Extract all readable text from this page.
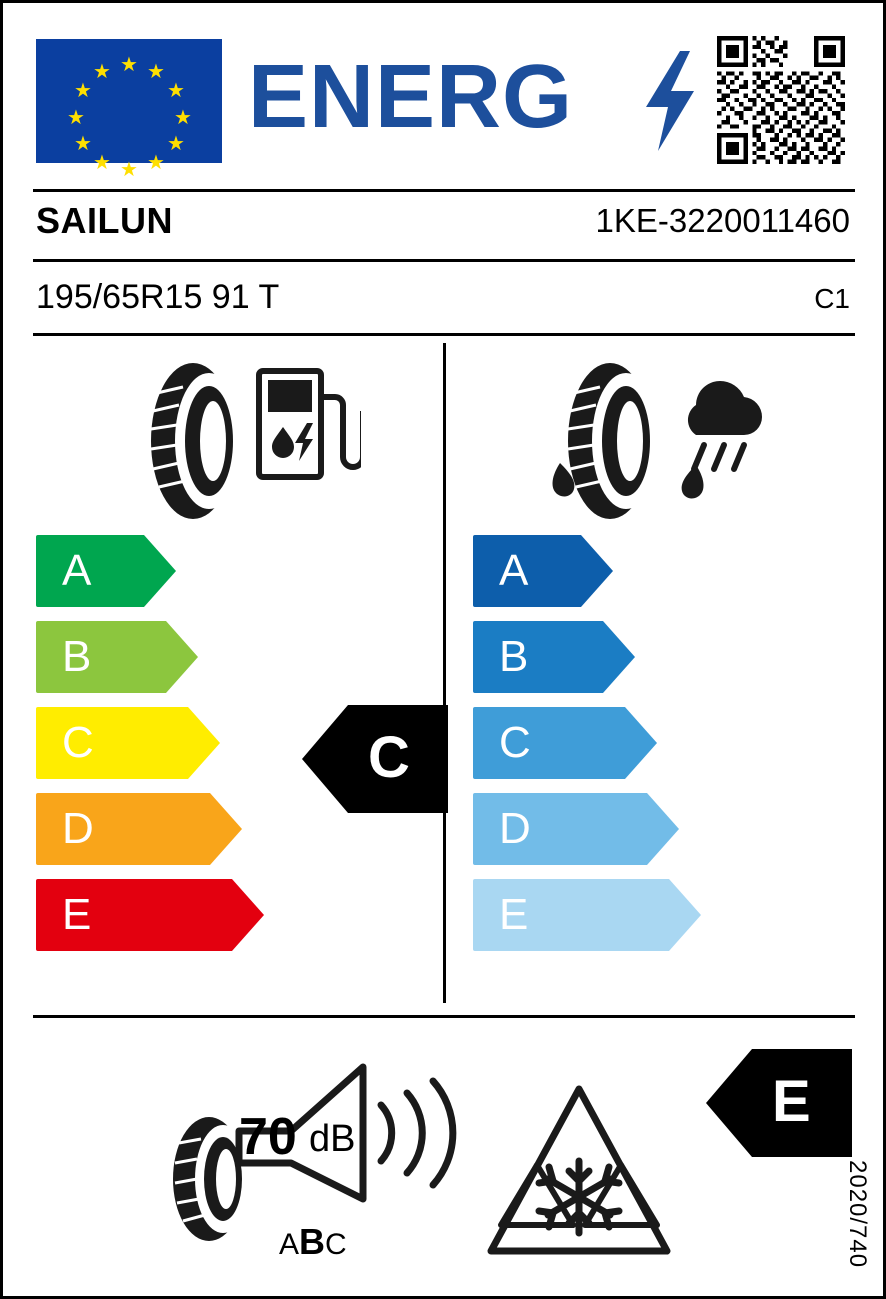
★ ★
★
★
★
★
★
★
★
★
★
★ ENERG
SAILUN	1KE-3220011460
195/65R15 91 T	C1
A
B
C
D
E
C
A
B
C
D
E
E
70 dB
ABC	2020/740
